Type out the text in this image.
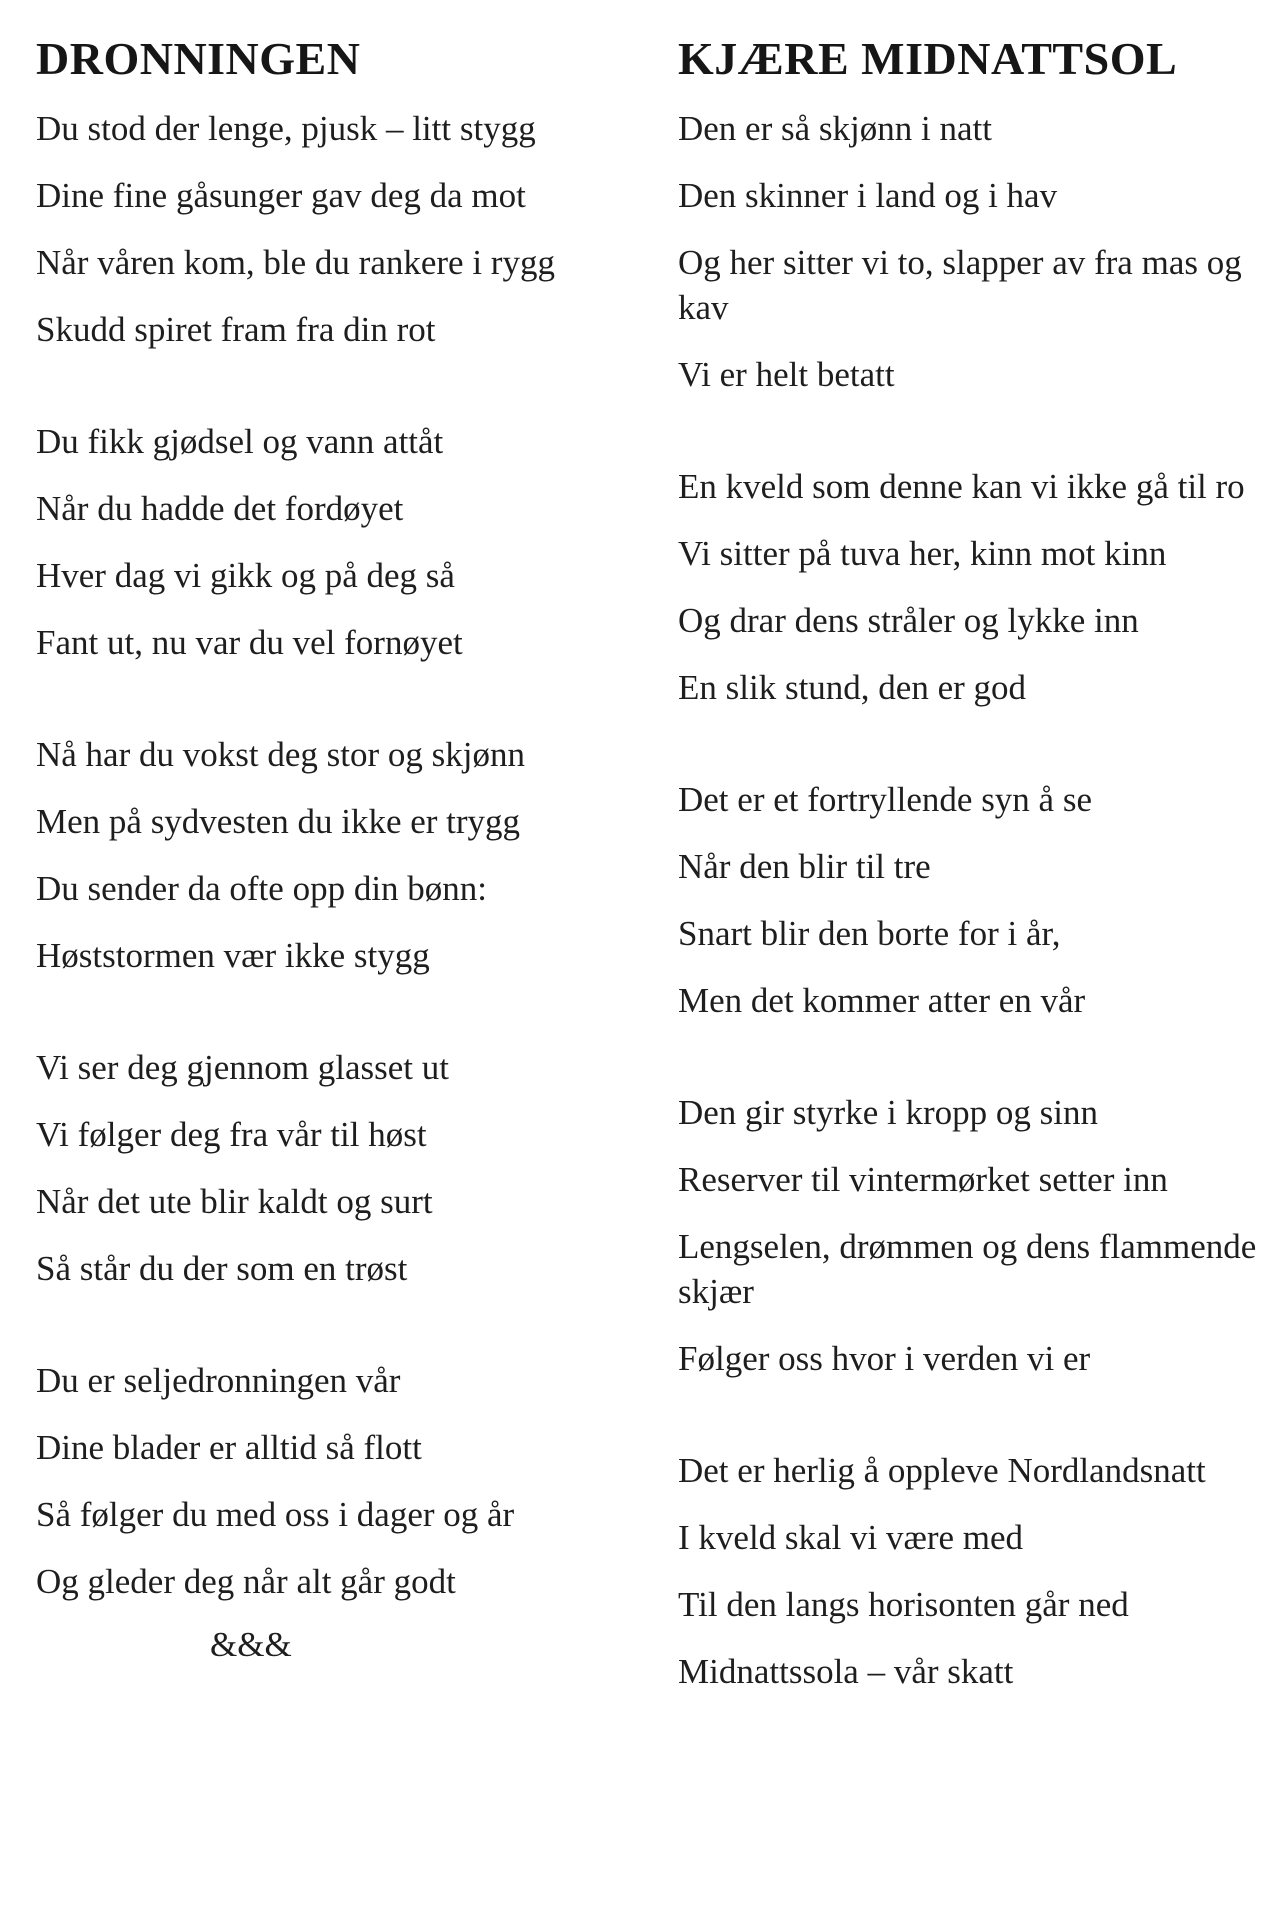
DRONNINGEN

Du stod der lenge, pjusk – litt stygg

Dine fine gåsunger gav deg da mot

Når våren kom, ble du rankere i rygg

Skudd spiret fram fra din rot

Du fikk gjødsel og vann attåt

Når du hadde det fordøyet

Hver dag vi gikk og på deg så

Fant ut, nu var du vel fornøyet

Nå har du vokst deg stor og skjønn

Men på sydvesten du ikke er trygg

Du sender da ofte opp din bønn:

Høststormen vær ikke stygg

Vi ser deg gjennom glasset ut

Vi følger deg fra vår til høst

Når det ute blir kaldt og surt

Så står du der som en trøst

Du er seljedronningen vår

Dine blader er alltid så flott

Så følger du med oss i dager og år

Og gleder deg når alt går godt

&&&

KJÆRE MIDNATTSOL

Den er så skjønn i natt

Den skinner i land og i hav

Og her sitter vi to, slapper av fra mas og kav

Vi er helt betatt

En kveld som denne kan vi ikke gå til ro

Vi sitter på tuva her, kinn mot kinn

Og drar dens stråler og lykke inn

En slik stund, den er god

Det er et fortryllende syn å se

Når den blir til tre

Snart blir den borte for i år,

Men det kommer atter en vår

Den gir styrke i kropp og sinn

Reserver til vintermørket setter inn

Lengselen, drømmen og dens flammende skjær

Følger oss hvor i verden vi er

Det er herlig å oppleve Nordlandsnatt

I kveld skal vi være med

Til den langs horisonten går ned

Midnattssola – vår skatt
